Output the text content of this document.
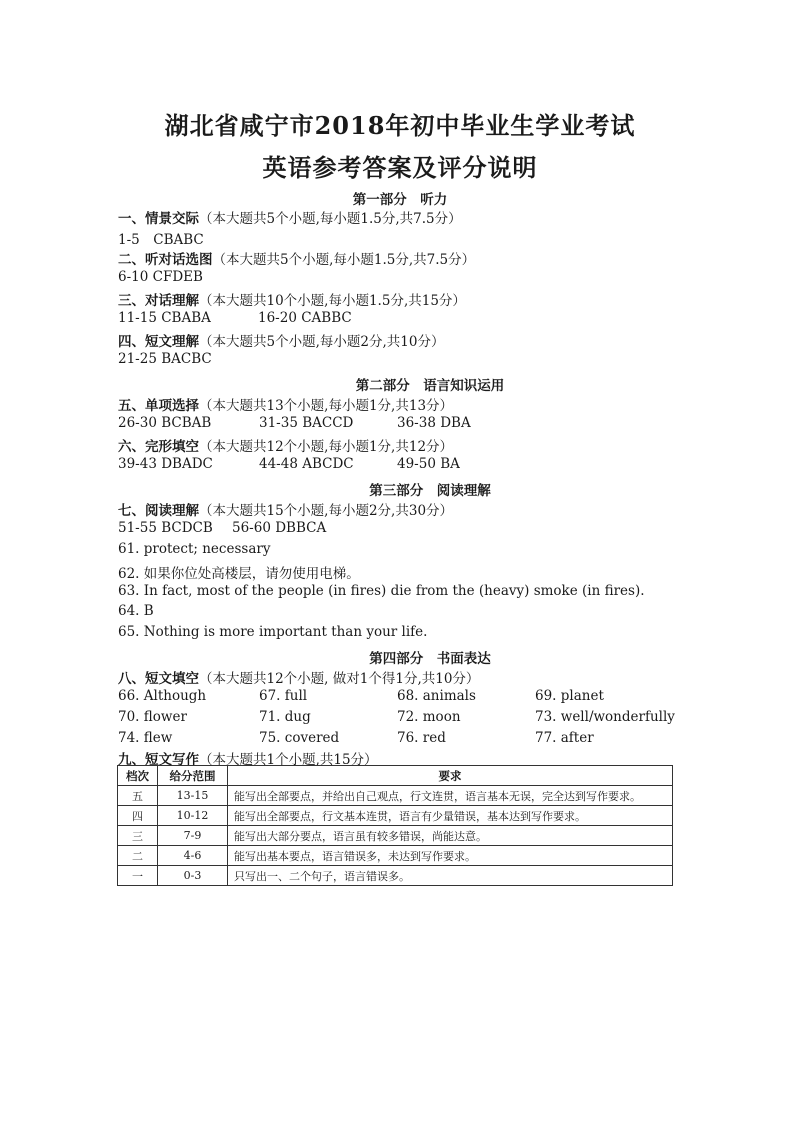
湖北省咸宁市2018年初中毕业生学业考试
英语参考答案及评分说明
第一部分　听力
一、情景交际（本大题共5个小题,每小题1.5分,共7.5分）
1-5　CBABC
二、听对话选图（本大题共5个小题,每小题1.5分,共7.5分）
6-10 CFDEB
三、对话理解（本大题共10个小题,每小题1.5分,共15分）
11-15 CBABA	16-20 CABBC
四、短文理解（本大题共5个小题,每小题2分,共10分）
21-25 BACBC
第二部分　语言知识运用
五、单项选择（本大题共13个小题,每小题1分,共13分）
26-30 BCBAB	31-35 BACCD	36-38 DBA
六、完形填空（本大题共12个小题,每小题1分,共12分）
39-43 DBADC	44-48 ABCDC	49-50 BA
第三部分　阅读理解
七、阅读理解（本大题共15个小题,每小题2分,共30分）
51-55 BCDCB 56-60 DBBCA
61. protect; necessary
62. 如果你位处高楼层，请勿使用电梯。
63. In fact, most of the people (in fires) die from the (heavy) smoke (in fires).
64. B
65. Nothing is more important than your life.
第四部分　书面表达
八、短文填空（本大题共12个小题, 做对1个得1分,共10分）
66. Although	67. full	68. animals	69. planet
70. flower	71. dug	72. moon	73. well/wonderfully
74. flew	75. covered	76. red	77. after
九、短文写作（本大题共1个小题,共15分）
档次	给分范围	要求
五	13-15	能写出全部要点，并给出自己观点，行文连贯，语言基本无误，完全达到写作要求。
四	10-12	能写出全部要点，行文基本连贯，语言有少量错误，基本达到写作要求。
三	7-9	能写出大部分要点，语言虽有较多错误，尚能达意。
二	4-6	能写出基本要点，语言错误多，未达到写作要求。
一	0-3	只写出一、二个句子，语言错误多。
